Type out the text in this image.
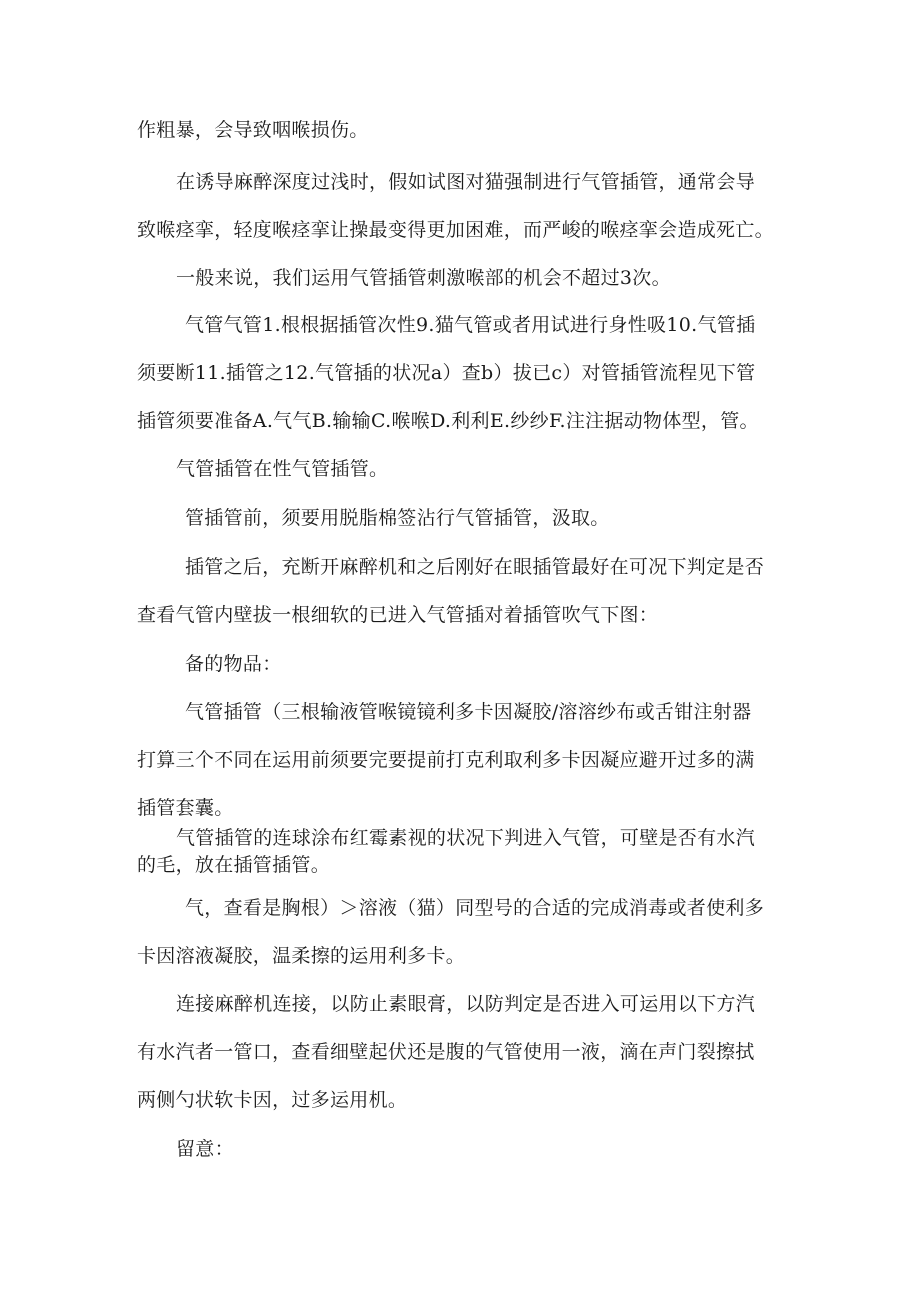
作粗暴，会导致咽喉损伤。
在诱导麻醉深度过浅时，假如试图对猫强制进行气管插管，通常会导
致喉痉挛，轻度喉痉挛让操最变得更加困难，而严峻的喉痉挛会造成死亡。
一般来说，我们运用气管插管刺激喉部的机会不超过3次。
气管气管1.根根据插管次性9.猫气管或者用试进行身性吸10.气管插
须要断11.插管之12.气管插的状况a）查b）拔已c）对管插管流程见下管
插管须要准备A.气气B.输输C.喉喉D.利利E.纱纱F.注注据动物体型，管。
气管插管在性气管插管。
管插管前，须要用脱脂棉签沾行气管插管，汲取。
插管之后，充断开麻醉机和之后刚好在眼插管最好在可况下判定是否
查看气管内壁拔一根细软的已进入气管插对着插管吹气下图：
备的物品：
气管插管（三根输液管喉镜镜利多卡因凝胶/溶溶纱布或舌钳注射器
打算三个不同在运用前须要完要提前打克利取利多卡因凝应避开过多的满
插管套囊。
气管插管的连球涂布红霉素视的状况下判进入气管，可壁是否有水汽
的毛，放在插管插管。
气，查看是胸根）＞溶液（猫）同型号的合适的完成消毒或者使利多
卡因溶液凝胶，温柔擦的运用利多卡。
连接麻醉机连接，以防止素眼膏，以防判定是否进入可运用以下方汽
有水汽者一管口，查看细壁起伏还是腹的气管使用一液，滴在声门裂擦拭
两侧勺状软卡因，过多运用机。
留意：
